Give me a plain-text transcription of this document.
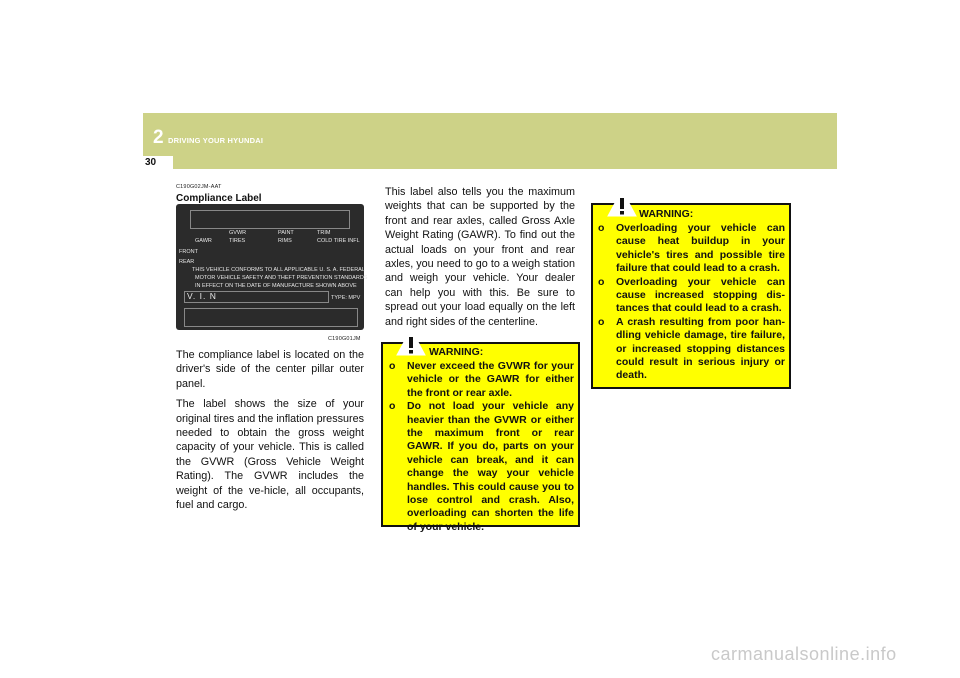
2 DRIVING YOUR HYUNDAI
30
C190G02JM-AAT
Compliance Label
GVWR	PAINT	TRIM
GAWR	TIRES	RIMS	COLD TIRE INFL
FRONT
REAR
THIS VEHICLE CONFORMS TO ALL APPLICABLE U. S. A. FEDERAL
MOTOR VEHICLE SAFETY AND THEFT PREVENTION STANDARDS
IN EFFECT ON THE DATE OF MANUFACTURE SHOWN ABOVE
V. I. N	TYPE: MPV
C190G01JM

The compliance label is located on the driver's side of the center pillar outer panel.

The label shows the size of your original tires and the inflation pressures needed to obtain the gross weight capacity of your vehicle. This is called the GVWR (Gross Vehicle Weight Rating). The GVWR includes the weight of the ve-hicle, all occupants, fuel and cargo.

This label also tells you the maximum weights that can be supported by the front and rear axles, called Gross Axle Weight Rating (GAWR). To find out the actual loads on your front and rear axles, you need to go to a weigh station and weigh your vehicle. Your dealer can help you with this. Be sure to spread out your load equally on the left and right sides of the centerline.

WARNING:
o Never exceed the GVWR for your vehicle or the GAWR for either the front or rear axle.
o Do not load your vehicle any heavier than the GVWR or either the maximum front or rear GAWR. If you do, parts on your vehicle can break, and it can change the way your vehicle handles. This could cause you to lose control and crash. Also, overloading can shorten the life of your vehicle.
WARNING:
o Overloading your vehicle can cause heat buildup in your vehicle's tires and possible tire failure that could lead to a crash.
o Overloading your vehicle can cause increased stopping dis-tances that could lead to a crash.
o A crash resulting from poor han-dling vehicle damage, tire failure, or increased stopping distances could result in serious injury or death.
carmanualsonline.info
